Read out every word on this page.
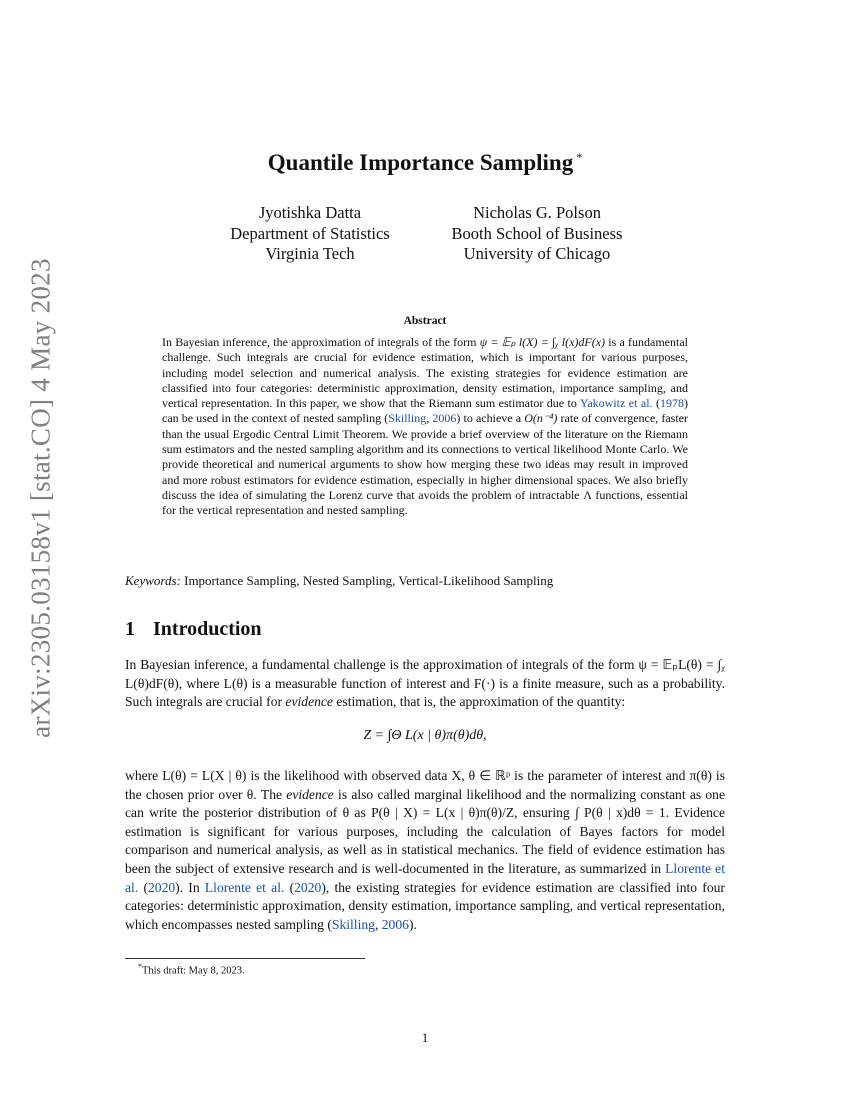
arXiv:2305.03158v1 [stat.CO] 4 May 2023
Quantile Importance Sampling *
Jyotishka Datta
Department of Statistics
Virginia Tech
Nicholas G. Polson
Booth School of Business
University of Chicago
Abstract
In Bayesian inference, the approximation of integrals of the form ψ = 𝔼ₚ l(X) = ∫ᵪ l(x)dF(x) is a fundamental challenge. Such integrals are crucial for evidence estimation, which is important for various purposes, including model selection and numerical analysis. The existing strategies for evidence estimation are classified into four categories: deterministic approximation, density estimation, importance sampling, and vertical representation. In this paper, we show that the Riemann sum estimator due to Yakowitz et al. (1978) can be used in the context of nested sampling (Skilling, 2006) to achieve a O(n⁻⁴) rate of convergence, faster than the usual Ergodic Central Limit Theorem. We provide a brief overview of the literature on the Riemann sum estimators and the nested sampling algorithm and its connections to vertical likelihood Monte Carlo. We provide theoretical and numerical arguments to show how merging these two ideas may result in improved and more robust estimators for evidence estimation, especially in higher dimensional spaces. We also briefly discuss the idea of simulating the Lorenz curve that avoids the problem of intractable Λ functions, essential for the vertical representation and nested sampling.
Keywords: Importance Sampling, Nested Sampling, Vertical-Likelihood Sampling
1 Introduction
In Bayesian inference, a fundamental challenge is the approximation of integrals of the form ψ = 𝔼ₚL(θ) = ∫ᵪ L(θ)dF(θ), where L(θ) is a measurable function of interest and F(·) is a finite measure, such as a probability. Such integrals are crucial for evidence estimation, that is, the approximation of the quantity:
Z = ∫Θ L(x | θ)π(θ)dθ,
where L(θ) = L(X | θ) is the likelihood with observed data X, θ ∈ ℝᵖ is the parameter of interest and π(θ) is the chosen prior over θ. The evidence is also called marginal likelihood and the normalizing constant as one can write the posterior distribution of θ as P(θ | X) = L(x | θ)π(θ)/Z, ensuring ∫ P(θ | x)dθ = 1. Evidence estimation is significant for various purposes, including the calculation of Bayes factors for model comparison and numerical analysis, as well as in statistical mechanics. The field of evidence estimation has been the subject of extensive research and is well-documented in the literature, as summarized in Llorente et al. (2020). In Llorente et al. (2020), the existing strategies for evidence estimation are classified into four categories: deterministic approximation, density estimation, importance sampling, and vertical representation, which encompasses nested sampling (Skilling, 2006).
*This draft: May 8, 2023.
1
